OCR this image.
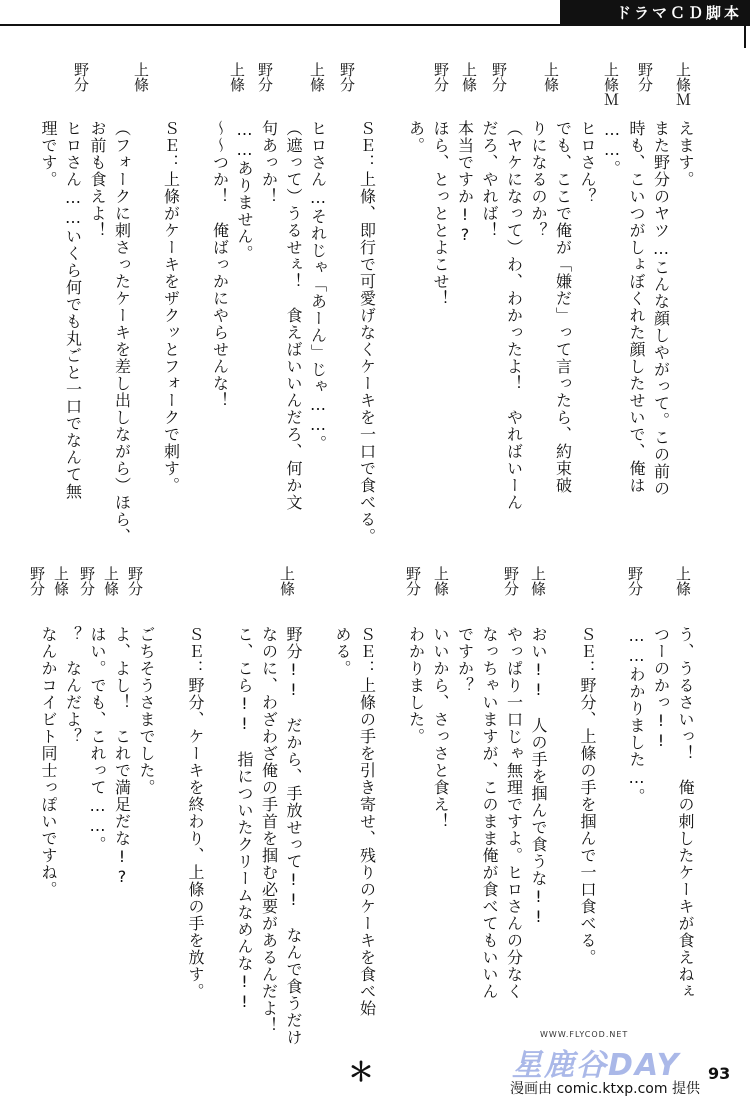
ドラマＣＤ脚本
上條Ｍ
野分
上條Ｍ
上條
野分
上條
野分
野分
上條
野分
上條
上條
野分
えます。
また野分のヤツ…こんな顔しやがって。この前の
時も、こいつがしょぼくれた顔したせいで、俺は
……。
ヒロさん？
でも、ここで俺が「嫌だ」って言ったら、約束破
りになるのか？
（ヤケになって）わ、わかったよ！　やればいーん
だろ、やれば！
本当ですか!?
ほら、とっととよこせ！
あ。
ＳＥ：上條、即行で可愛げなくケーキを一口で食べる。
ヒロさん…それじゃ「あーん」じゃ……。
（遮って）うるせぇ！　食えばいいんだろ、何か文
句あっか！
……ありません。
～～つか！　俺ばっかにやらせんな！
ＳＥ：上條がケーキをザクッとフォークで刺す。
（フォークに刺さったケーキを差し出しながら）ほら、
お前も食えよ！
ヒロさん……いくら何でも丸ごと一口でなんて無
理です。
上條
野分
上條
野分
上條
野分
上條
野分
上條
野分
上條
野分
う、うるさいっ！　俺の刺したケーキが食えねぇ
つーのかっ!!
……わかりました…。
ＳＥ：野分、上條の手を掴んで一口食べる。
おい!!　人の手を掴んで食うな!!
やっぱり一口じゃ無理ですよ。ヒロさんの分なく
なっちゃいますが、このまま俺が食べてもいいん
ですか？
いいから、さっさと食え！
わかりました。
ＳＥ：上條の手を引き寄せ、残りのケーキを食べ始
める。
野分!!　だから、手放せって!!　なんで食うだけ
なのに、わざわざ俺の手首を掴む必要があるんだよ！
こ、こら!!　指についたクリームなめんな!!
ＳＥ：野分、ケーキを終わり、上條の手を放す。
ごちそうさまでした。
よ、よし！　これで満足だな!?
はい。でも、これって……。
？　なんだよ？
なんかコイビト同士っぽいですね。
＊
WWW.FLYCOD.NET
星鹿谷DAY 93
漫画由 comic.ktxp.com 提供
